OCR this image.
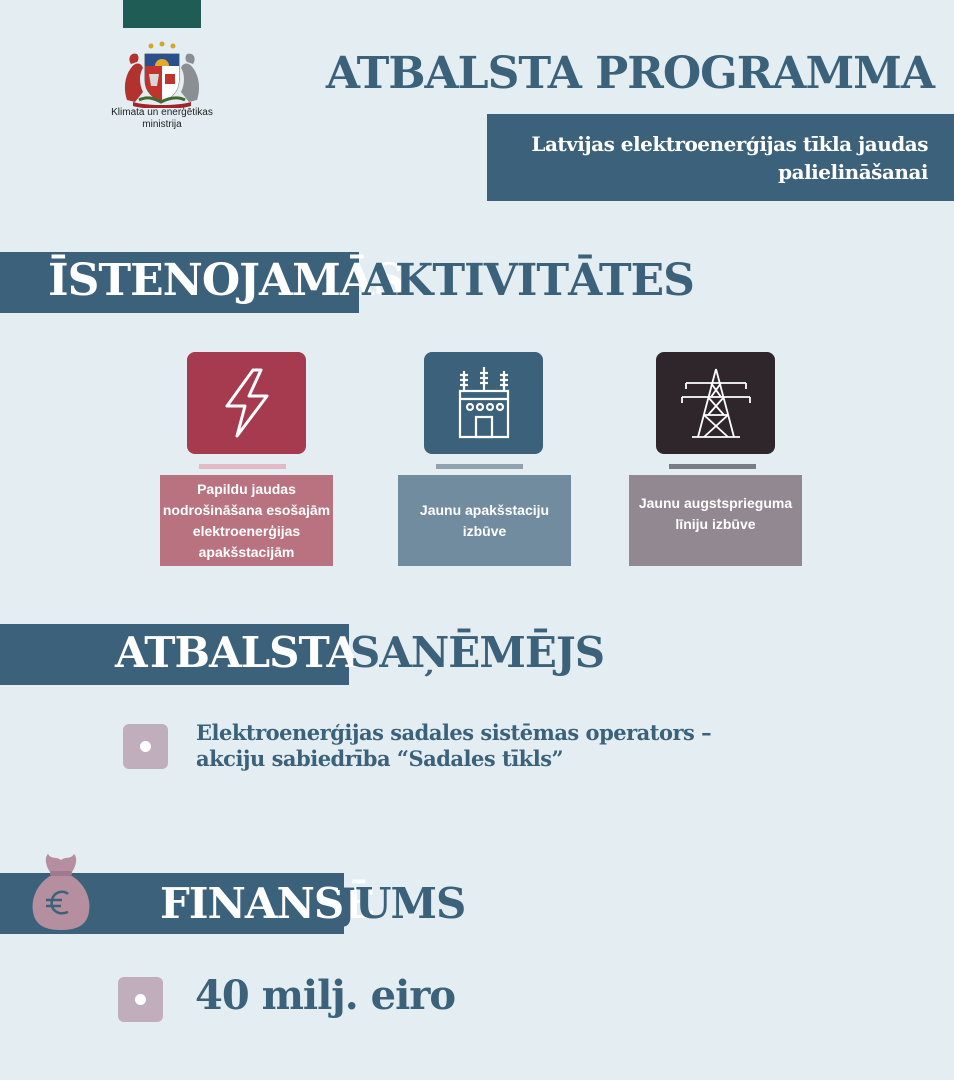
Klimata un enerģētikas
ministrija
ATBALSTA PROGRAMMA
Latvijas elektroenerģijas tīkla jaudas
palielināšanai
ĪSTENOJAMĀS
AKTIVITĀTES
Papildu jaudas
nodrošināšana esošajām
elektroenerģijas
apakšstacijām
Jaunu apakšstaciju
izbūve
Jaunu augstsprieguma
līniju izbūve
ATBALSTA
SAŅĒMĒJS
Elektroenerģijas sadales sistēmas operators –
akciju sabiedrība “Sadales tīkls”
FINANSĒ
JUMS
40 milj. eiro
